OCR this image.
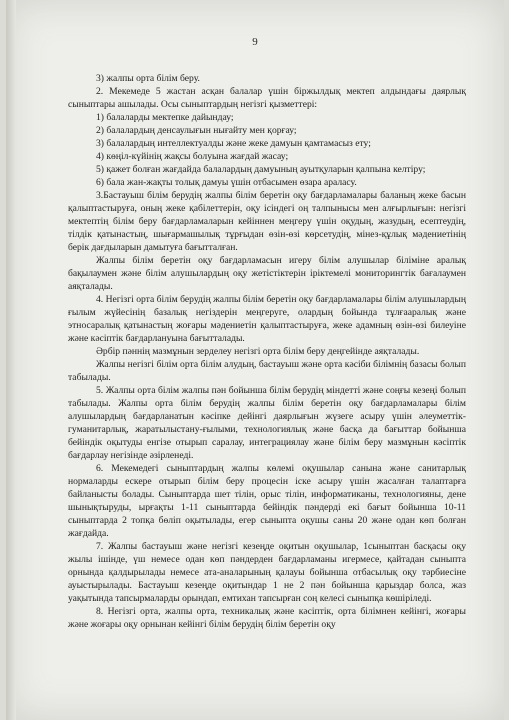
9

3) жалпы орта білім беру.

2. Мекемеде 5 жастан асқан балалар үшін біржылдық мектеп алдындағы даярлық сыныптары ашылады. Осы сыныптардың негізгі қызметтері:

1) балаларды мектепке дайындау;

2) балалардың денсаулығын нығайту мен қорғау;

3) балалардың интеллектуалды және жеке дамуын қамтамасыз ету;

4) көңіл-күйінің жақсы болуына жағдай жасау;

5) қажет болған жағдайда балалардың дамуының ауытқуларын қалпына келтіру;

6) бала жан-жақты толық дамуы үшін отбасымен өзара араласу.

3.Бастауыш білім берудің жалпы білім беретін оқу бағдарламалары баланың жеке басын қалыптастыруға, оның жеке қабілеттерін, оқу ісіндегі оң талпынысы мен алғырлығын: негізгі мектептің білім беру бағдарламаларын кейіннен меңгеру үшін оқудың, жазудың, есептеудің, тілдік қатынастың, шығармашылық тұрғыдан өзін-өзі көрсетудің, мінез-құлық мәдениетінің берік дағдыларын дамытуға бағытталған.

Жалпы білім беретін оқу бағдарламасын игеру білім алушылар біліміне аралық бақылаумен және білім алушылардың оқу жетістіктерін іріктемелі мониторингтік бағалаумен аяқталады.

4. Негізгі орта білім берудің жалпы білім беретін оқу бағдарламалары білім алушылардың ғылым жүйесінің базалық негіздерін меңгеруге, олардың бойында тұлғааралық және этносаралық қатынастың жоғары мәдениетін қалыптастыруға, жеке адамның өзін-өзі билеуіне және кәсіптік бағдарлануына бағытталады.

Әрбір пәннің мазмұнын зерделеу негізгі орта білім беру деңгейінде аяқталады.

Жалпы негізгі білім орта білім алудың, бастауыш және орта кәсіби білімнің базасы болып табылады.

5. Жалпы орта білім жалпы пән бойынша білім берудің міндетті және соңғы кезеңі болып табылады. Жалпы орта білім берудің жалпы білім беретін оқу бағдарламалары білім алушылардың бағдарланатын кәсіпке дейінгі даярлығын жүзеге асыру үшін әлеуметтік-гуманитарлық, жаратылыстану-ғылыми, технологиялық және басқа да бағыттар бойынша бейіндік оқытуды енгізе отырып саралау, интеграциялау және білім беру мазмұнын кәсіптік бағдарлау негізінде әзірленеді.

6. Мекемедегі сыныптардың жалпы көлемі оқушылар санына және санитарлық нормаларды ескере отырып білім беру процесін іске асыру үшін жасалған талаптарға байланысты болады. Сыныптарда шет тілін, орыс тілін, информатиканы, технологияны, дене шынықтыруды, ырғақты 1-11 сыныптарда бейіндік пәндерді екі бағыт бойынша 10-11 сыныптарда 2 топқа бөліп оқытылады, егер сыныпта оқушы саны 20 және одан көп болған жағдайда.

7. Жалпы бастауыш және негізгі кезеңде оқитын оқушылар, 1сыныптан басқасы оқу жылы ішінде, үш немесе одан көп пәндерден бағдарламаны игермесе, қайтадан сыныпта орнында қалдырылады немесе ата-аналарының қалауы бойынша отбасылық оқу тәрбиесіне ауыстырылады. Бастауыш кезеңде оқитындар 1 не 2 пән бойынша қарыздар болса, жаз уақытында тапсырмаларды орындап, емтихан тапсырған соң келесі сыныпқа көшіріледі.

8. Негізгі орта, жалпы орта, техникалық және кәсіптік, орта білімнен кейінгі, жоғары және жоғары оқу орнынан кейінгі білім берудің білім беретін оқу
